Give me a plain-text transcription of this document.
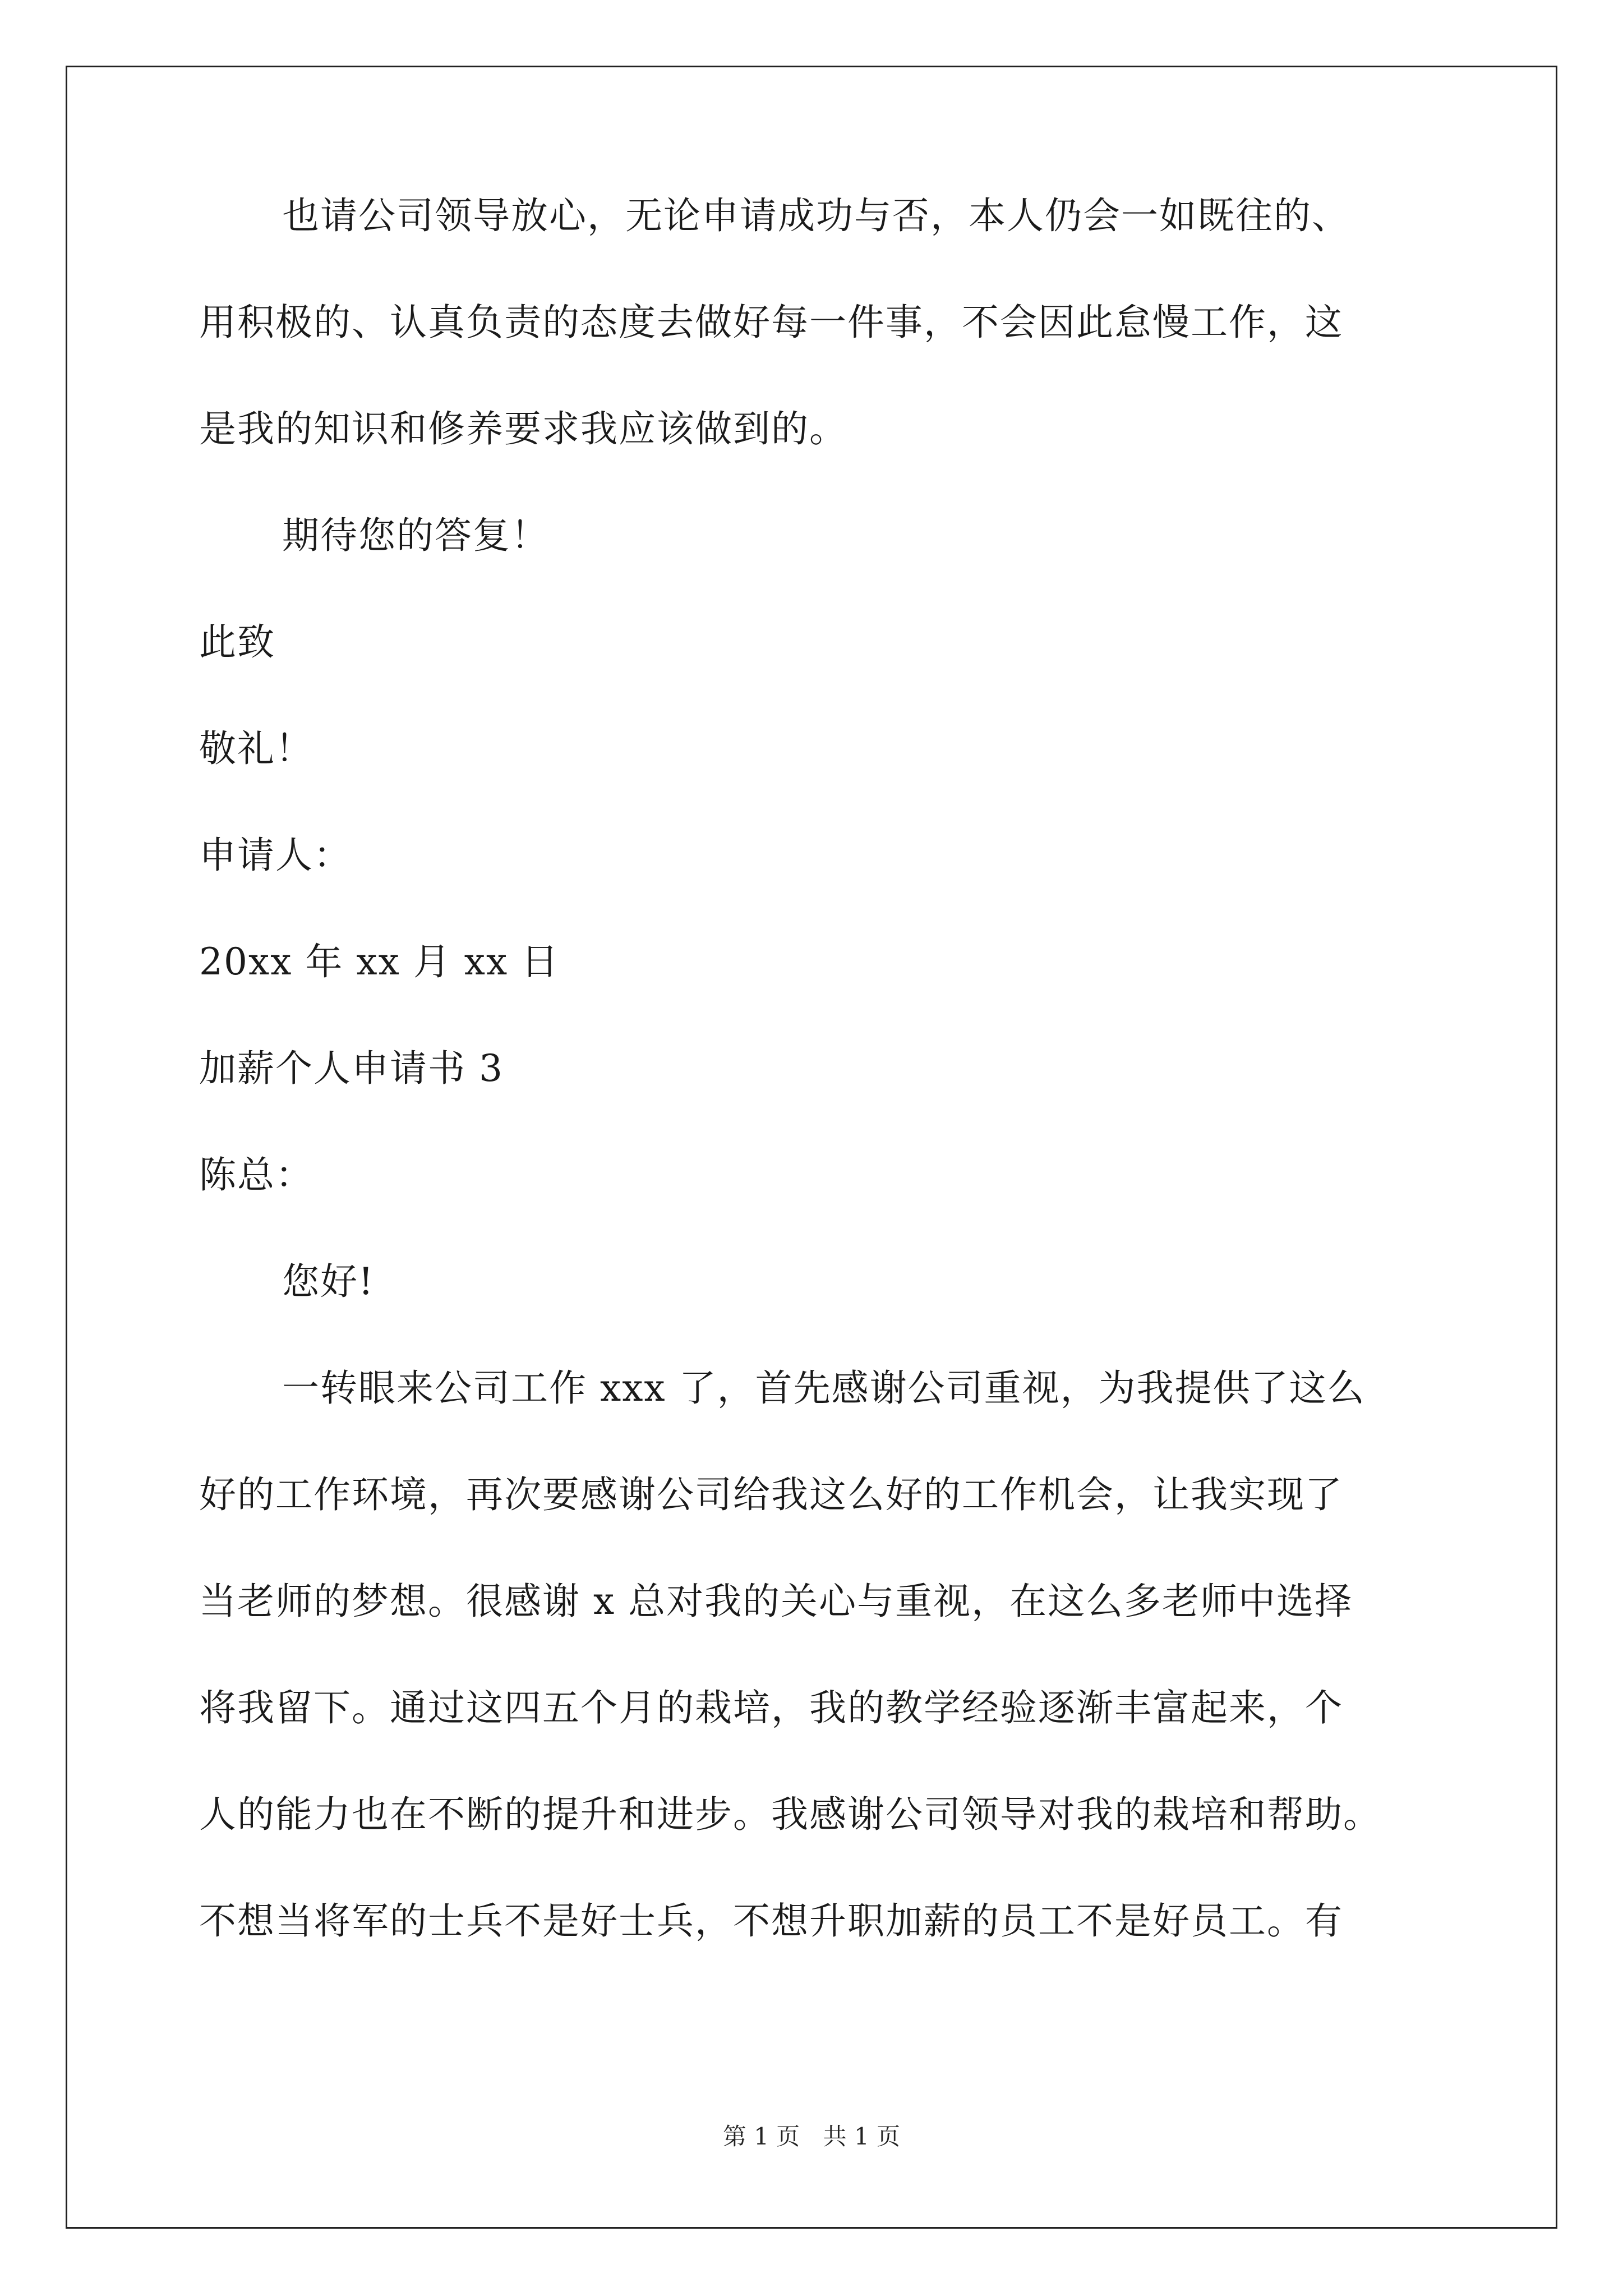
也请公司领导放心，无论申请成功与否，本人仍会一如既往的、
用积极的、认真负责的态度去做好每一件事，不会因此怠慢工作，这
是我的知识和修养要求我应该做到的。
期待您的答复！
此致
敬礼！
申请人：
20xx 年 xx 月 xx 日
加薪个人申请书 3
陈总：
您好!
一转眼来公司工作 xxx 了，首先感谢公司重视，为我提供了这么
好的工作环境，再次要感谢公司给我这么好的工作机会，让我实现了
当老师的梦想。很感谢 x 总对我的关心与重视，在这么多老师中选择
将我留下。通过这四五个月的栽培，我的教学经验逐渐丰富起来，个
人的能力也在不断的提升和进步。我感谢公司领导对我的栽培和帮助。
不想当将军的士兵不是好士兵，不想升职加薪的员工不是好员工。有
第 1 页 共 1 页
